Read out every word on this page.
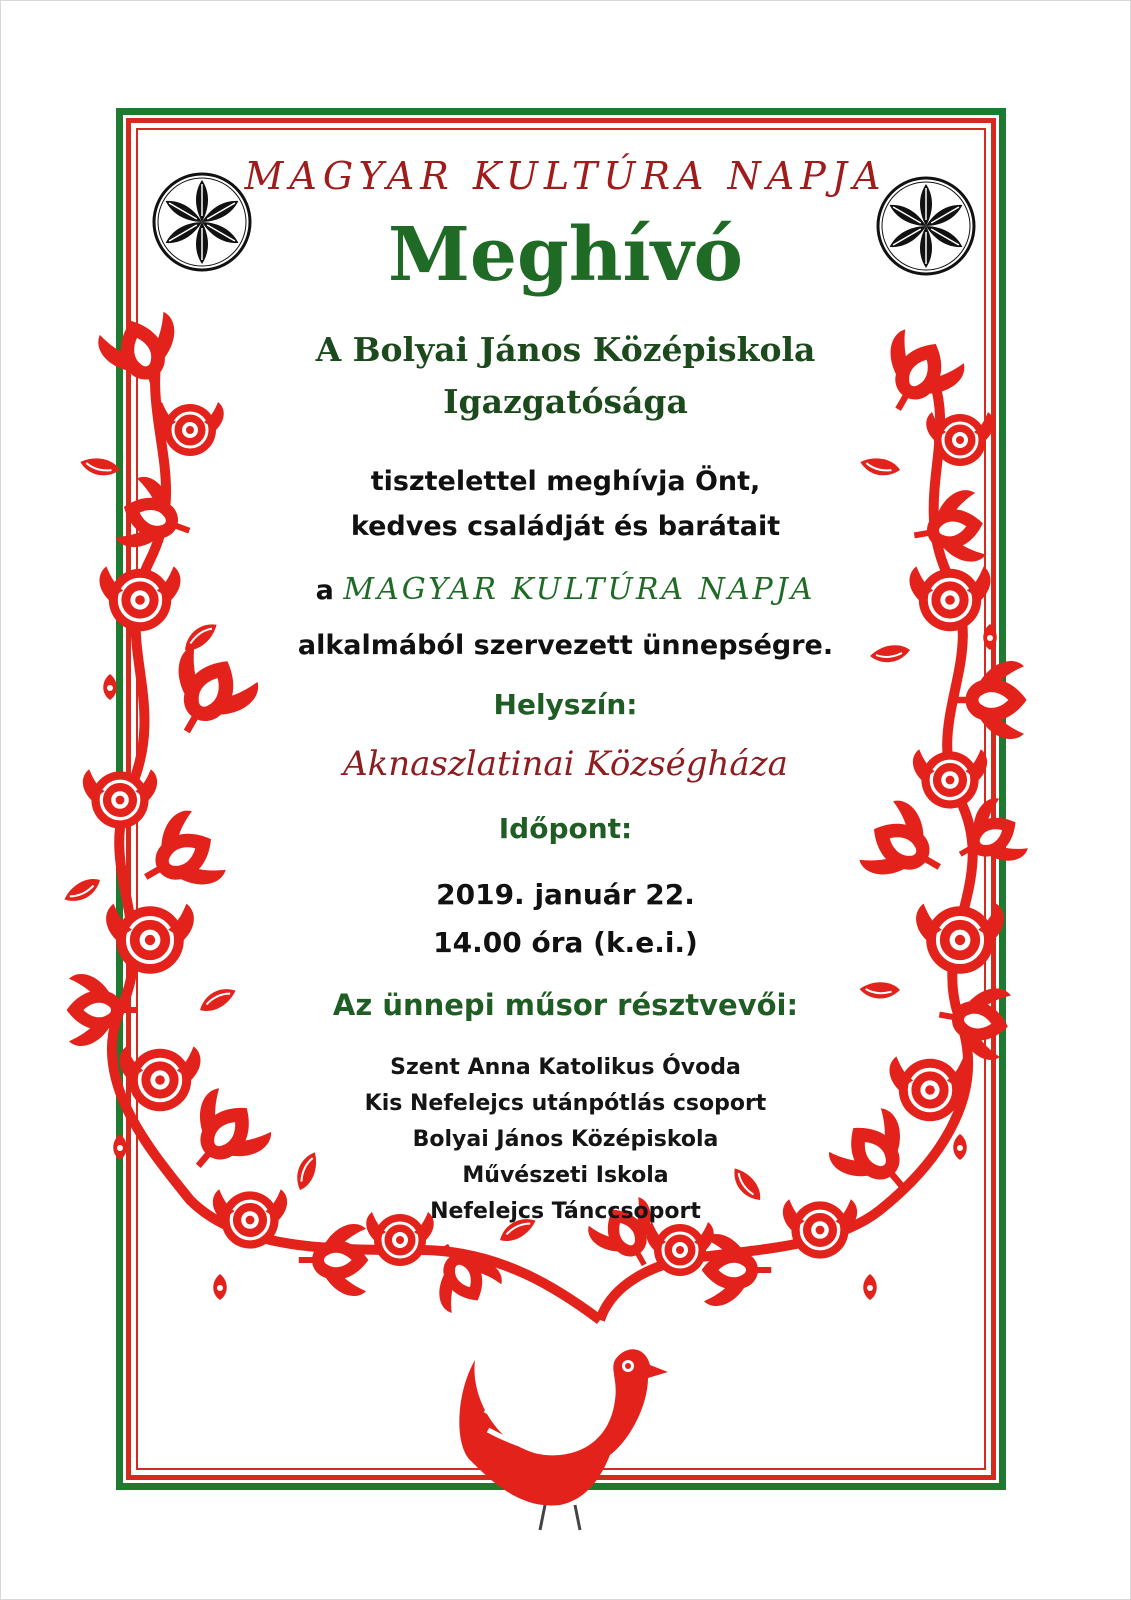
MAGYAR KULTÚRA NAPJA
Meghívó
A Bolyai János Középiskola
Igazgatósága
tisztelettel meghívja Önt,
kedves családját és barátait
a MAGYAR KULTÚRA NAPJA
alkalmából szervezett ünnepségre.
Helyszín:
Aknaszlatinai Községháza
Időpont:
2019. január 22.
14.00 óra (k.e.i.)
Az ünnepi műsor résztvevői:
Szent Anna Katolikus Óvoda
Kis Nefelejcs utánpótlás csoport
Bolyai János Középiskola
Művészeti Iskola
Nefelejcs Tánccsoport
